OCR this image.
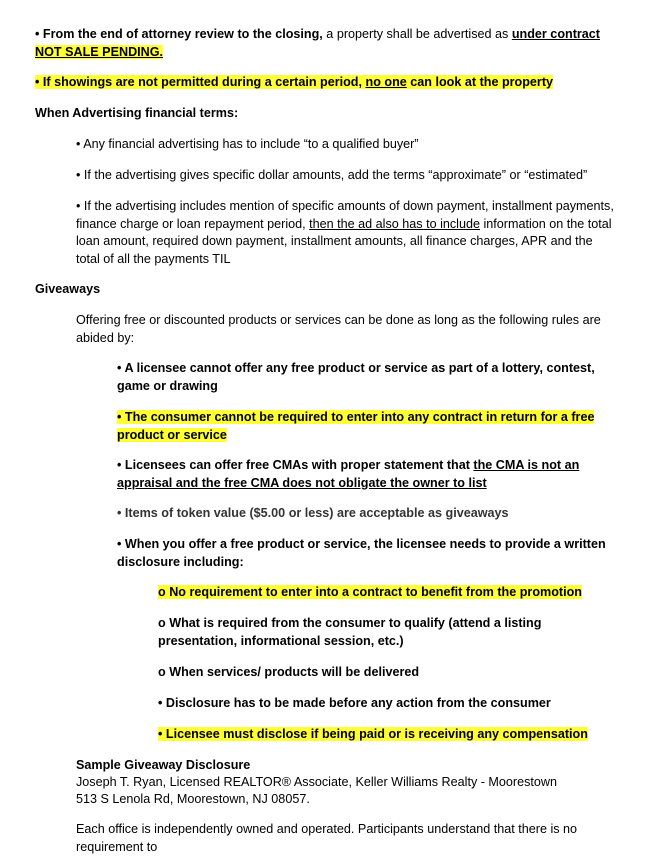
• From the end of attorney review to the closing, a property shall be advertised as under contract NOT SALE PENDING.

• If showings are not permitted during a certain period, no one can look at the property

When Advertising financial terms:

• Any financial advertising has to include “to a qualified buyer”

• If the advertising gives specific dollar amounts, add the terms “approximate” or “estimated”

• If the advertising includes mention of specific amounts of down payment, installment payments, finance charge or loan repayment period, then the ad also has to include information on the total loan amount, required down payment, installment amounts, all finance charges, APR and the total of all the payments TIL

Giveaways

Offering free or discounted products or services can be done as long as the following rules are abided by:

• A licensee cannot offer any free product or service as part of a lottery, contest, game or drawing

• The consumer cannot be required to enter into any contract in return for a free product or service

• Licensees can offer free CMAs with proper statement that the CMA is not an appraisal and the free CMA does not obligate the owner to list

• Items of token value ($5.00 or less) are acceptable as giveaways

• When you offer a free product or service, the licensee needs to provide a written disclosure including:

o No requirement to enter into a contract to benefit from the promotion

o What is required from the consumer to qualify (attend a listing presentation, informational session, etc.)

o When services/ products will be delivered

• Disclosure has to be made before any action from the consumer

• Licensee must disclose if being paid or is receiving any compensation

Sample Giveaway Disclosure

Joseph T. Ryan, Licensed REALTOR® Associate, Keller Williams Realty - Moorestown

513 S Lenola Rd, Moorestown, NJ 08057.

Each office is independently owned and operated. Participants understand that there is no requirement to
